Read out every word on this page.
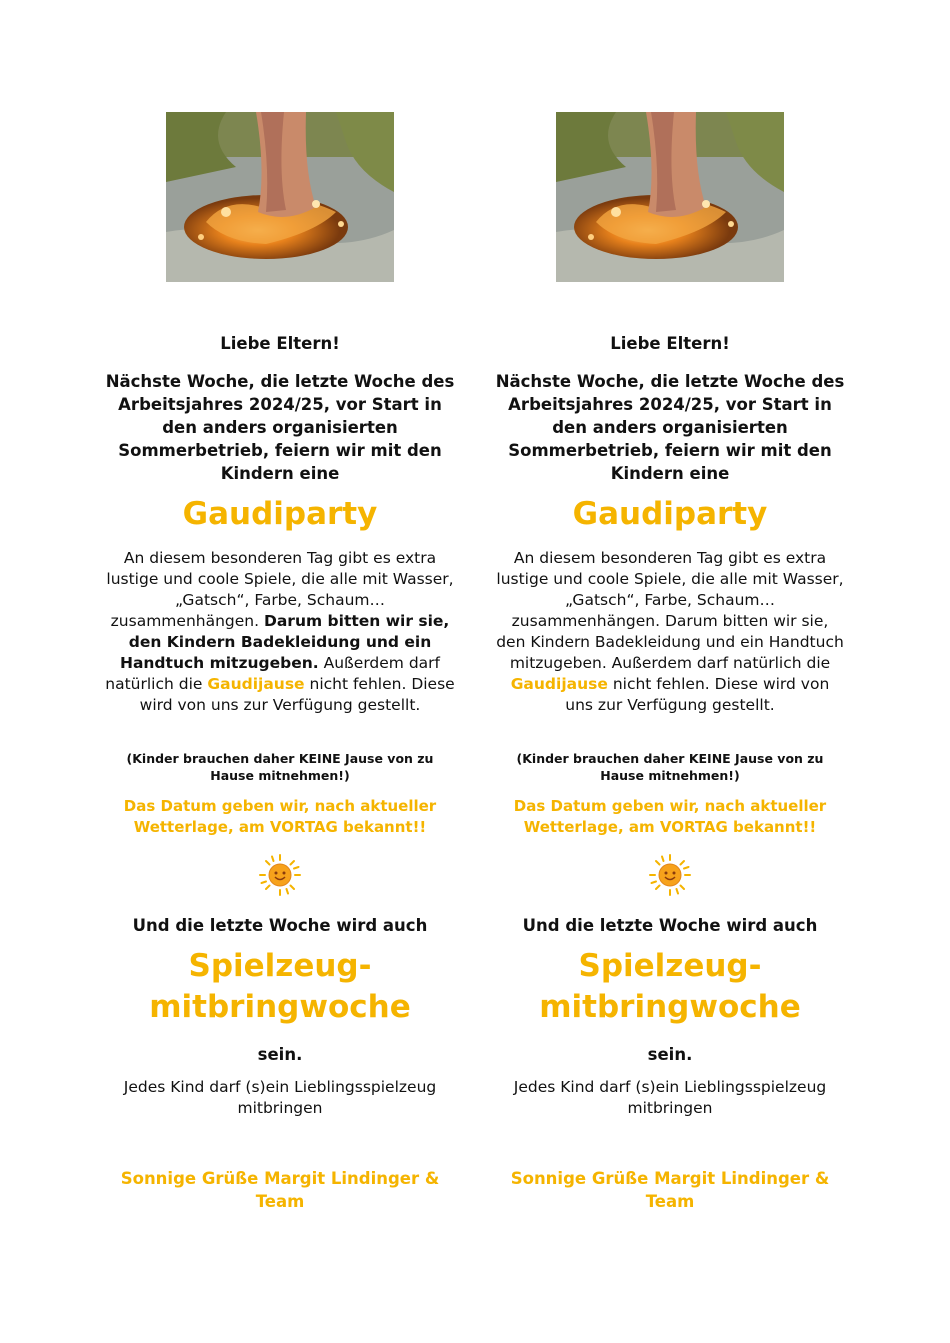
Liebe Eltern!

Nächste Woche, die letzte Woche des Arbeitsjahres 2024/25, vor Start in den anders organisierten Sommerbetrieb, feiern wir mit den Kindern eine

Gaudiparty

An diesem besonderen Tag gibt es extra lustige und coole Spiele, die alle mit Wasser, „Gatsch“, Farbe, Schaum… zusammenhängen. Darum bitten wir sie, den Kindern Badekleidung und ein Handtuch mitzugeben. Außerdem darf natürlich die Gaudijause nicht fehlen. Diese wird von uns zur Verfügung gestellt.

(Kinder brauchen daher KEINE Jause von zu Hause mitnehmen!)

Das Datum geben wir, nach aktueller Wetterlage, am VORTAG bekannt!!

Und die letzte Woche wird auch

Spielzeug-mitbringwoche

sein.

Jedes Kind darf (s)ein Lieblingsspielzeug mitbringen

Sonnige Grüße Margit Lindinger & Team

Liebe Eltern!

Nächste Woche, die letzte Woche des Arbeitsjahres 2024/25, vor Start in den anders organisierten Sommerbetrieb, feiern wir mit den Kindern eine

Gaudiparty

An diesem besonderen Tag gibt es extra lustige und coole Spiele, die alle mit Wasser, „Gatsch“, Farbe, Schaum… zusammenhängen. Darum bitten wir sie, den Kindern Badekleidung und ein Handtuch mitzugeben. Außerdem darf natürlich die Gaudijause nicht fehlen. Diese wird von uns zur Verfügung gestellt.

(Kinder brauchen daher KEINE Jause von zu Hause mitnehmen!)

Das Datum geben wir, nach aktueller Wetterlage, am VORTAG bekannt!!

Und die letzte Woche wird auch

Spielzeug-mitbringwoche

sein.

Jedes Kind darf (s)ein Lieblingsspielzeug mitbringen

Sonnige Grüße Margit Lindinger & Team
